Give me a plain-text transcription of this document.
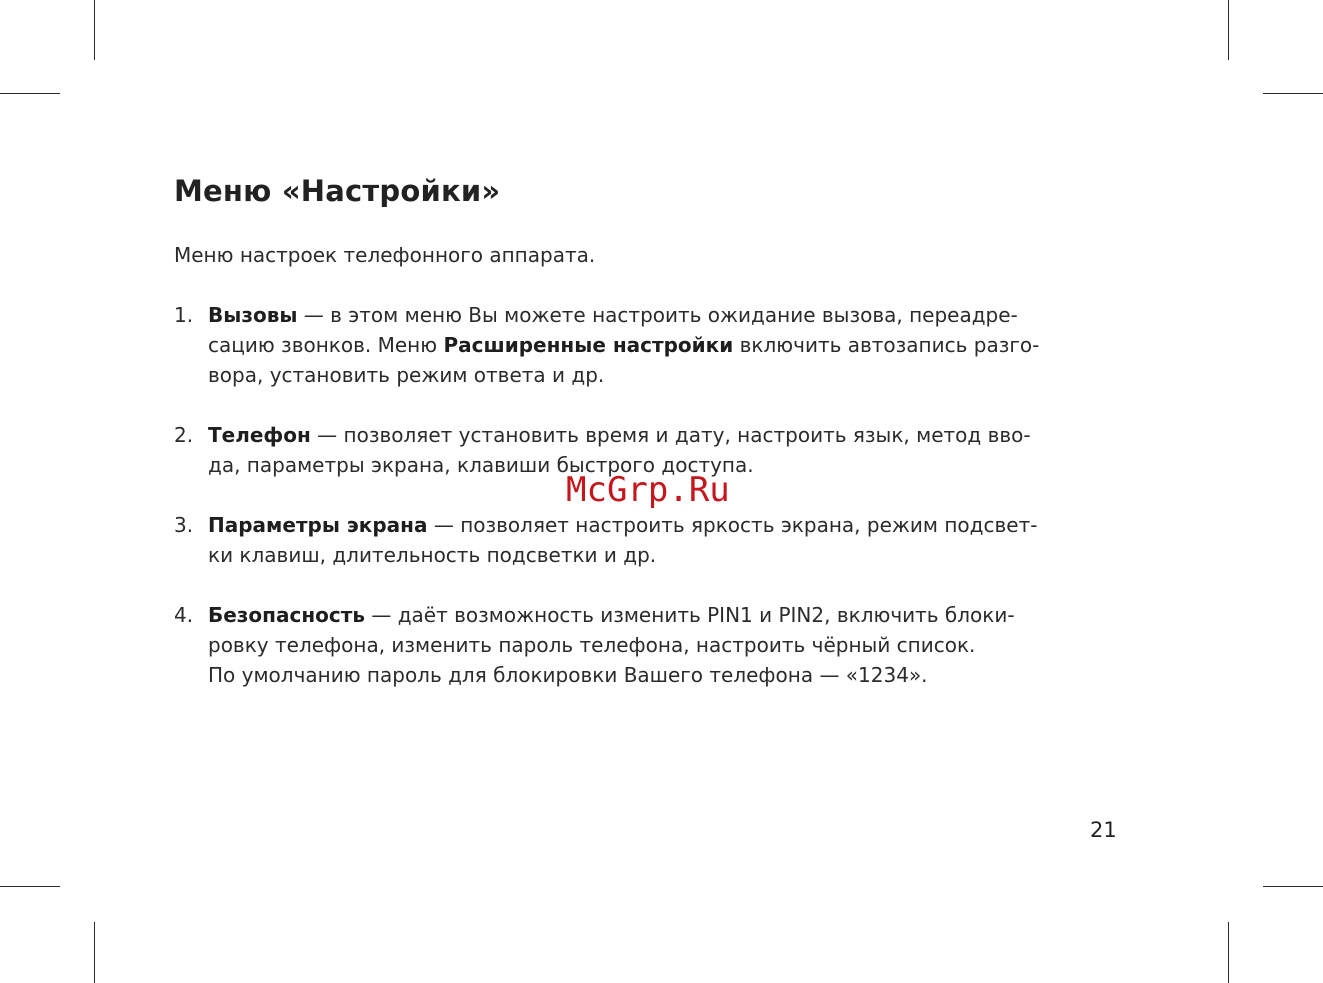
Меню «Настройки»

Меню настроек телефонного аппарата.

1. Вызовы — в этом меню Вы можете настроить ожидание вызова, переадре-
сацию звонков. Меню Расширенные настройки включить автозапись разго-
вора, установить режим ответа и др.
2. Телефон — позволяет установить время и дату, настроить язык, метод вво-
да, параметры экрана, клавиши быстрого доступа.
3. Параметры экрана — позволяет настроить яркость экрана, режим подсвет-
ки клавиш, длительность подсветки и др.
4. Безопасность — даёт возможность изменить PIN1 и PIN2, включить блоки-
ровку телефона, изменить пароль телефона, настроить чёрный список.
По умолчанию пароль для блокировки Вашего телефона — «1234».
McGrp.Ru
21
